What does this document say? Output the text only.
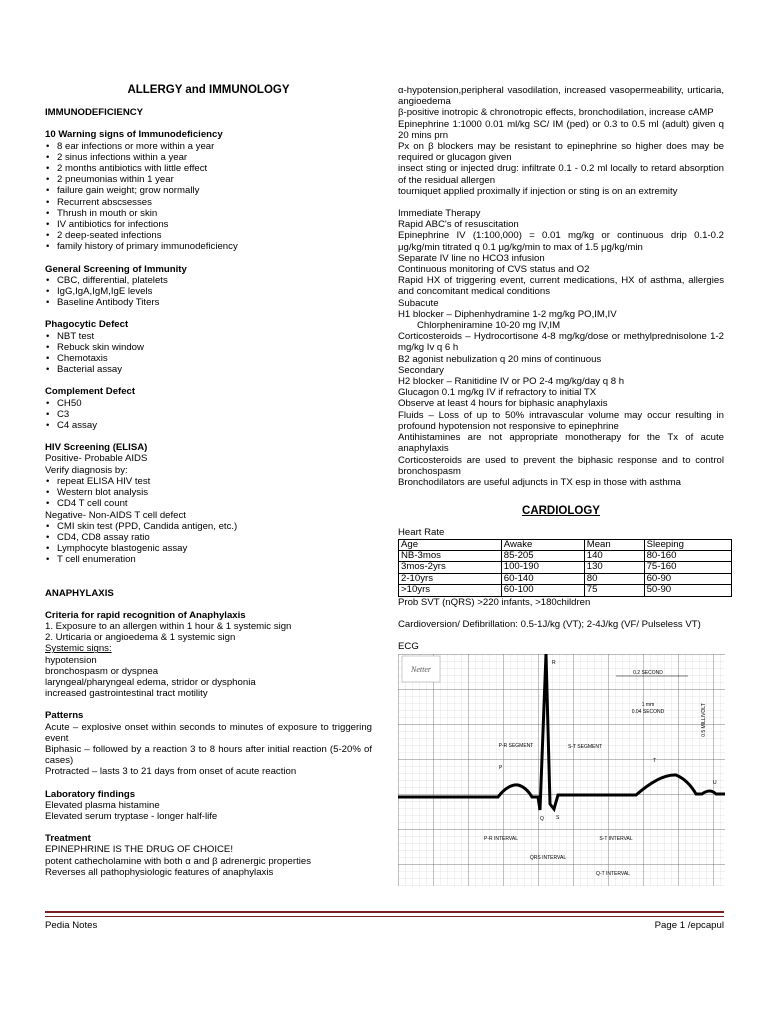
ALLERGY and IMMUNOLOGY

IMMUNODEFICIENCY

10 Warning signs of Immunodeficiency

• 8 ear infections or more within a year

• 2 sinus infections within a year

• 2 months antibiotics with little effect

• 2 pneumonias within 1 year

• failure gain weight; grow normally

• Recurrent abscsesses

• Thrush in mouth or skin

• IV antibiotics for infections

• 2 deep-seated infections

• family history of primary immunodeficiency

General Screening of Immunity

• CBC, differential, platelets

• IgG,IgA,IgM,IgE levels

• Baseline Antibody Titers

Phagocytic Defect

• NBT test

• Rebuck skin window

• Chemotaxis

• Bacterial assay

Complement Defect

• CH50

• C3

• C4 assay

HIV Screening (ELISA)

Positive- Probable AIDS

Verify diagnosis by:

• repeat ELISA HIV test

• Western blot analysis

• CD4 T cell count

Negative- Non-AIDS T cell defect

• CMI skin test (PPD, Candida antigen, etc.)

• CD4, CD8 assay ratio

• Lymphocyte blastogenic assay

• T cell enumeration

ANAPHYLAXIS

Criteria for rapid recognition of Anaphylaxis

1. Exposure to an allergen within 1 hour & 1 systemic sign

2. Urticaria or angioedema & 1 systemic sign

Systemic signs:

hypotension

bronchospasm or dyspnea

laryngeal/pharyngeal edema, stridor or dysphonia

increased gastrointestinal tract motility

Patterns

Acute – explosive onset within seconds to minutes of exposure to triggering event

Biphasic – followed by a reaction 3 to 8 hours after initial reaction (5-20% of cases)

Protracted – lasts 3 to 21 days from onset of acute reaction

Laboratory findings

Elevated plasma histamine

Elevated serum tryptase - longer half-life

Treatment

EPINEPHRINE IS THE DRUG OF CHOICE!

potent cathecholamine with both α and β adrenergic properties

Reverses all pathophysiologic features of anaphylaxis

α-hypotension,peripheral vasodilation, increased vasopermeability, urticaria, angioedema

β-positive inotropic & chronotropic effects, bronchodilation, increase cAMP

Epinephrine 1:1000 0.01 ml/kg SC/ IM (ped) or 0.3 to 0.5 ml (adult) given q 20 mins prn

Px on β blockers may be resistant to epinephrine so higher does may be required or glucagon given

insect sting or injected drug: infiltrate 0.1 - 0.2 ml locally to retard absorption of the residual allergen

tourniquet applied proximally if injection or sting is on an extremity

Immediate Therapy

Rapid ABC's of resuscitation

Epinephrine IV (1:100,000) = 0.01 mg/kg or continuous drip 0.1-0.2 μg/kg/min titrated q 0.1 μg/kg/min to max of 1.5 μg/kg/min

Separate IV line no HCO3 infusion

Continuous monitoring of CVS status and O2

Rapid HX of triggering event, current medications, HX of asthma, allergies and concomitant medical conditions

Subacute

H1 blocker – Diphenhydramine 1-2 mg/kg PO,IM,IV

Chlorpheniramine 10-20 mg IV,IM

Corticosteroids – Hydrocortisone 4-8 mg/kg/dose or methylprednisolone 1-2 mg/kg Iv q 6 h

B2 agonist nebulization q 20 mins of continuous

Secondary

H2 blocker – Ranitidine IV or PO 2-4 mg/kg/day q 8 h

Glucagon 0.1 mg/kg IV if refractory to initial TX

Observe at least 4 hours for biphasic anaphylaxis

Fluids – Loss of up to 50% intravascular volume may occur resulting in profound hypotension not responsive to epinephrine

Antihistamines are not appropriate monotherapy for the Tx of acute anaphylaxis

Corticosteroids are used to prevent the biphasic response and to control bronchospasm

Bronchodilators are useful adjuncts in TX esp in those with asthma

CARDIOLOGY

Heart Rate

Age	Awake	Mean	Sleeping
NB-3mos	85-205	140	80-160
3mos-2yrs	100-190	130	75-160
2-10yrs	60-140	80	60-90
>10yrs	60-100	75	50-90

Prob SVT (nQRS) >220 infants, >180children

Cardioversion/ Defibrillation: 0.5-1J/kg (VT); 2-4J/kg (VF/ Pulseless VT)

ECG

Netter	0.2 SECOND
1 mm
0.04 SECOND	0.5 MILLIVOLT
P-R SEGMENT	S-T SEGMENT
P-R INTERVAL	S-T INTERVAL
QRS INTERVAL
Q-T INTERVAL
P
Q
R
S
T
U
Pedia Notes	Page 1 /epcapul
